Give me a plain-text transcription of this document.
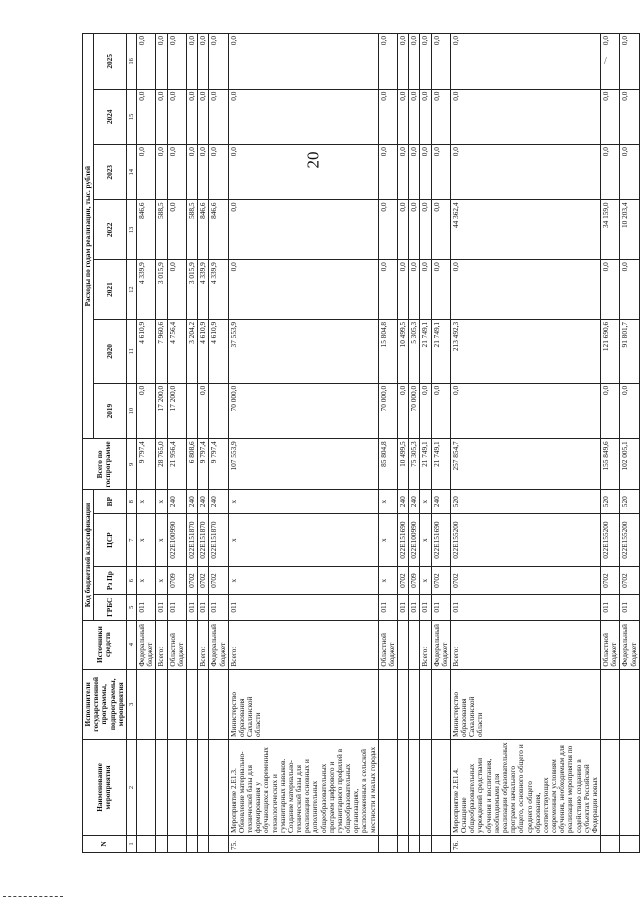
20
/
N	Наименование мероприятия	Исполнители государственной программы, подпрограммы, мероприятия	Источники средств	Код бюджетной классификации				Всего по госпрограмме	Расходы по годам реализации, тыс. рублей						
				ГРБС	Рз Пр	ЦСР	ВР		2019	2020	2021	2022	2023	2024	2025

1	2	3	4	5	6	7	8	9	10	11	12	13	14	15	16
			Федеральный бюджет	011	x	x	x	9 797,4	0,0	4 610,9	4 339,9	846,6	0,0	0,0	0,0
			Всего:	011	x	x	x	28 765,0	17 200,0	7 960,6	3 015,9	588,5	0,0	0,0	0,0
			Областной бюджет	011	0709	022E100990	240	21 956,4	17 200,0	4 756,4	0,0	0,0	0,0	0,0	0,0
				011	0702	022E151870	240	6 808,6		3 204,2	3 015,9	588,5	0,0	0,0	0,0
			Всего:	011	0702	022E151870	240	9 797,4	0,0	4 610,9	4 339,9	846,6	0,0	0,0	0,0
			Федеральный бюджет	011	0702	022E151870	240	9 797,4		4 610,9	4 339,9	846,6	0,0	0,0	0,0
75.	Мероприятие 2.Е1.3. Обновление материально-технической базы для формирования у обучающихся современных технологических и гуманитарных навыков. Создание материально-технической базы для реализации основных и дополнительных общеобразовательных программ цифрового и гуманитарного профилей в общеобразовательных организациях, расположенных в сельской местности и малых городах	Министерство образования Сахалинской области	Всего:	011	x	x	x	107 553,9	70 000,0	37 553,9	0,0	0,0	0,0	0,0	0,0
			Областной бюджет	011	x	x	x	85 804,8	70 000,0	15 804,8	0,0	0,0	0,0	0,0	0,0
				011	0702	022E151690	240	10 499,5	0,0	10 499,5	0,0	0,0	0,0	0,0	0,0
				011	0709	022E100990	240	75 305,3	70 000,0	5 305,3	0,0	0,0	0,0	0,0	0,0
			Всего:	011	x	x	x	21 749,1	0,0	21 749,1	0,0	0,0	0,0	0,0	0,0
			Федеральный бюджет	011	0702	022E151690	240	21 749,1	0,0	21 749,1	0,0	0,0	0,0	0,0	0,0
76.	Мероприятие 2.Е1.4. Оснащение общеобразовательных учреждений средствами обучения и воспитания, необходимыми для реализации образовательных программ начального общего, основного общего и среднего общего образования, соответствующих современным условиям обучения, необходимым для реализации мероприятия по содействию созданию в субъектах Российской Федерации новых	Министерство образования Сахалинской области	Всего:	011	0702	022E155200	520	257 854,7	0,0	213 492,3	0,0	44 362,4	0,0	0,0	0,0
			Областной бюджет	011	0702	022E155200	520	155 849,6	0,0	121 690,6	0,0	34 159,0	0,0	0,0	0,0
			Федеральный бюджет	011	0702	022E155200	520	102 005,1	0,0	91 801,7	0,0	10 203,4	0,0	0,0	0,0
